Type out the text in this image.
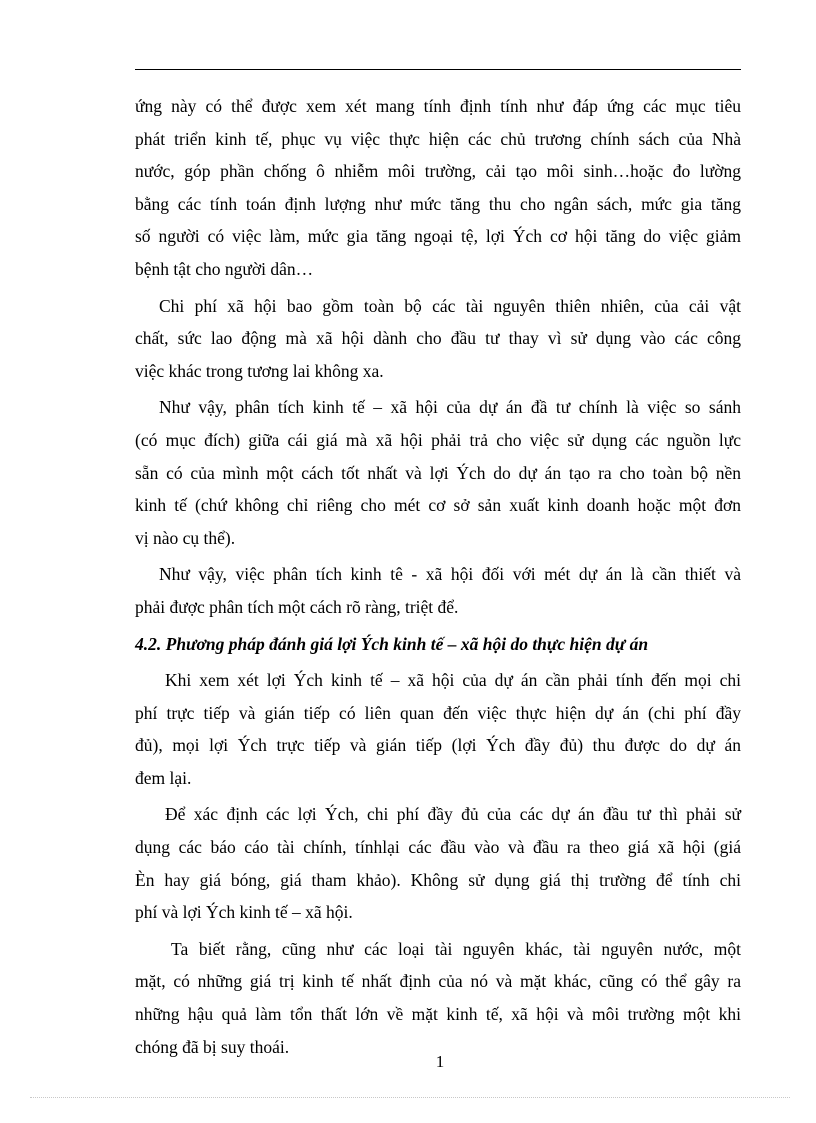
ứng này có thể được xem xét mang tính định tính như đáp ứng các mục tiêu
phát triển kinh tế, phục vụ việc thực hiện các chủ trương chính sách của Nhà
nước, góp phần chống ô nhiễm môi trường, cải tạo môi sinh…hoặc đo lường
bằng các tính toán định lượng như mức tăng thu cho ngân sách, mức gia tăng
số người có việc làm, mức gia tăng ngoại tệ, lợi Ých cơ hội tăng do việc giảm
bệnh tật cho người dân…

Chi phí xã hội bao gồm toàn bộ các tài nguyên thiên nhiên, của cải vật
chất, sức lao động mà xã hội dành cho đầu tư thay vì sử dụng vào các công
việc khác trong tương lai không xa.

Như vậy, phân tích kinh tế – xã hội của dự án đầ tư chính là việc so sánh
(có mục đích) giữa cái giá mà xã hội phải trả cho việc sử dụng các nguồn lực
sẵn có của mình một cách tốt nhất và lợi Ých do dự án tạo ra cho toàn bộ nền
kinh tế (chứ không chỉ riêng cho mét cơ sở sản xuất kinh doanh hoặc một đơn
vị nào cụ thể).

Như vậy, việc phân tích kinh tê - xã hội đối với mét dự án là cần thiết và
phải được phân tích một cách rõ ràng, triệt để.

4.2. Phương pháp đánh giá lợi Ých kinh tế – xã hội do thực hiện dự án

Khi xem xét lợi Ých kinh tế – xã hội của dự án cần phải tính đến mọi chi
phí trực tiếp và gián tiếp có liên quan đến việc thực hiện dự án (chi phí đầy
đủ), mọi lợi Ých trực tiếp và gián tiếp (lợi Ých đầy đủ) thu được do dự án
đem lại.

Để xác định các lợi Ých, chi phí đầy đủ của các dự án đầu tư thì phải sử
dụng các báo cáo tài chính, tínhlại các đầu vào và đầu ra theo giá xã hội (giá
Èn hay giá bóng, giá tham khảo). Không sử dụng giá thị trường để tính chi
phí và lợi Ých kinh tế – xã hội.

Ta biết rằng, cũng như các loại tài nguyên khác, tài nguyên nước, một
mặt, có những giá trị kinh tế nhất định của nó và mặt khác, cũng có thể gây ra
những hậu quả làm tổn thất lớn về mặt kinh tế, xã hội và môi trường một khi
chóng đã bị suy thoái.

1
